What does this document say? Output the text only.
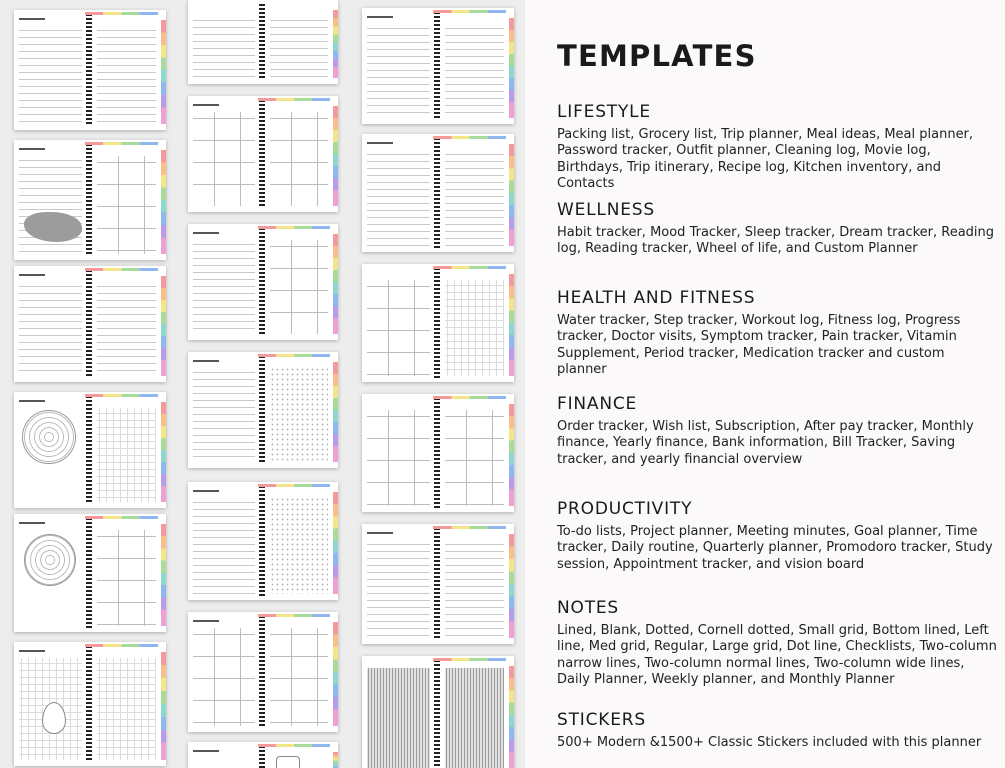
TEMPLATES
LIFESTYLE

Packing list, Grocery list, Trip planner, Meal ideas, Meal planner, Password tracker, Outfit planner, Cleaning log, Movie log, Birthdays, Trip itinerary, Recipe log, Kitchen inventory, and Contacts

WELLNESS

Habit tracker, Mood Tracker, Sleep tracker, Dream tracker, Reading log, Reading tracker, Wheel of life, and Custom Planner

HEALTH AND FITNESS

Water tracker, Step tracker, Workout log, Fitness log, Progress tracker, Doctor visits, Symptom tracker, Pain tracker, Vitamin Supplement, Period tracker, Medication tracker and custom planner

FINANCE

Order tracker, Wish list, Subscription, After pay tracker, Monthly finance, Yearly finance, Bank information, Bill Tracker, Saving tracker, and yearly financial overview

PRODUCTIVITY

To-do lists, Project planner, Meeting minutes, Goal planner, Time tracker, Daily routine, Quarterly planner, Promodoro tracker, Study session, Appointment tracker, and vision board

NOTES

Lined, Blank, Dotted, Cornell dotted, Small grid, Bottom lined, Left line, Med grid, Regular, Large grid, Dot line, Checklists, Two-column narrow lines, Two-column normal lines, Two-column wide lines, Daily Planner, Weekly planner, and Monthly Planner

STICKERS

500+ Modern &1500+ Classic Stickers included with this planner
